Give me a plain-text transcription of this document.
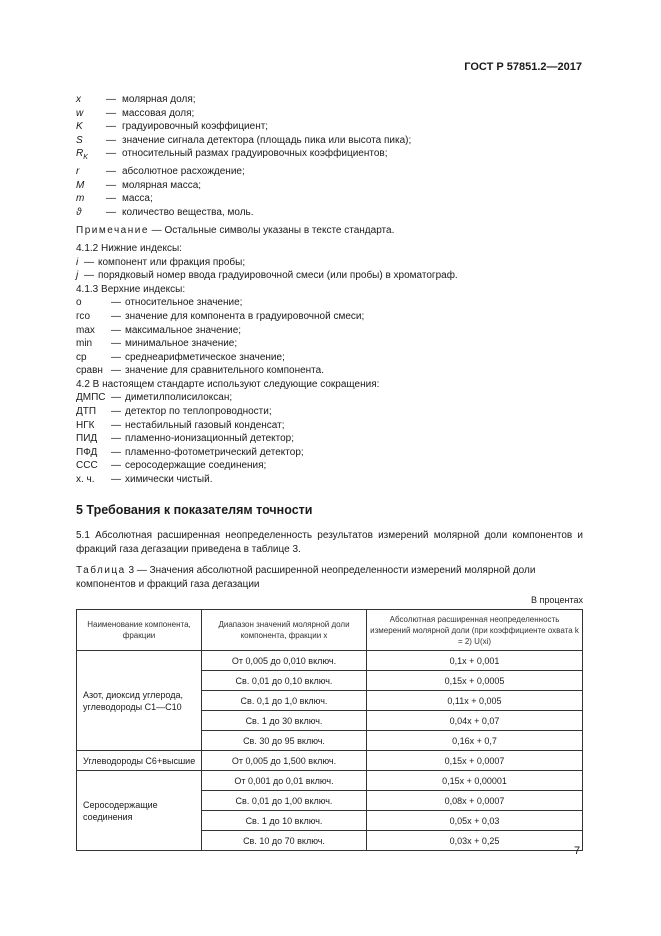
ГОСТ Р 57851.2—2017
x	— молярная доля;
w	— массовая доля;
K	— градуировочный коэффициент;
S	— значение сигнала детектора (площадь пика или высота пика);
$R_K$	— относительный размах градуировочных коэффициентов;
r	— абсолютное расхождение;
M	— молярная масса;
m	— масса;
ϑ	— количество вещества, моль.
Примечание — Остальные символы указаны в тексте стандарта.
4.1.2 Нижние индексы:
i — компонент или фракция пробы;
j — порядковый номер ввода градуировочной смеси (или пробы) в хроматограф.
4.1.3 Верхние индексы:
о	— относительное значение;
гсо	— значение для компонента в градуировочной смеси;
max	— максимальное значение;
min	— минимальное значение;
ср	— среднеарифметическое значение;
сравн — значение для сравнительного компонента.
4.2 В настоящем стандарте используют следующие сокращения:
ДМПС — диметилполисилоксан;
ДТП	— детектор по теплопроводности;
НГК	— нестабильный газовый конденсат;
ПИД	— пламенно-ионизационный детектор;
ПФД	— пламенно-фотометрический детектор;
ССС	— серосодержащие соединения;
х. ч.	— химически чистый.
5 Требования к показателям точности
5.1 Абсолютная расширенная неопределенность результатов измерений молярной доли компонентов и фракций газа дегазации приведена в таблице 3.
Таблица 3 — Значения абсолютной расширенной неопределенности измерений молярной доли компонентов и фракций газа дегазации
В процентах
Наименование компонента, фракции	Диапазон значений молярной доли компонента, фракции x	Абсолютная расширенная неопределенность измерений молярной доли (при коэффициенте охвата k = 2) U(xi)
Азот, диоксид углерода, углеводороды C1—C10	От 0,005 до 0,010 включ.	0,1x + 0,001
	Св. 0,01 до 0,10 включ.	0,15x + 0,0005
	Св. 0,1 до 1,0 включ.	0,11x + 0,005
	Св. 1 до 30 включ.	0,04x + 0,07
	Св. 30 до 95 включ.	0,16x + 0,7
Углеводороды C6+высшие	От 0,005 до 1,500 включ.	0,15x + 0,0007
Серосодержащие соединения	От 0,001 до 0,01 включ.	0,15x + 0,00001
	Св. 0,01 до 1,00 включ.	0,08x + 0,0007
	Св. 1 до 10 включ.	0,05x + 0,03
	Св. 10 до 70 включ.	0,03x + 0,25
7
